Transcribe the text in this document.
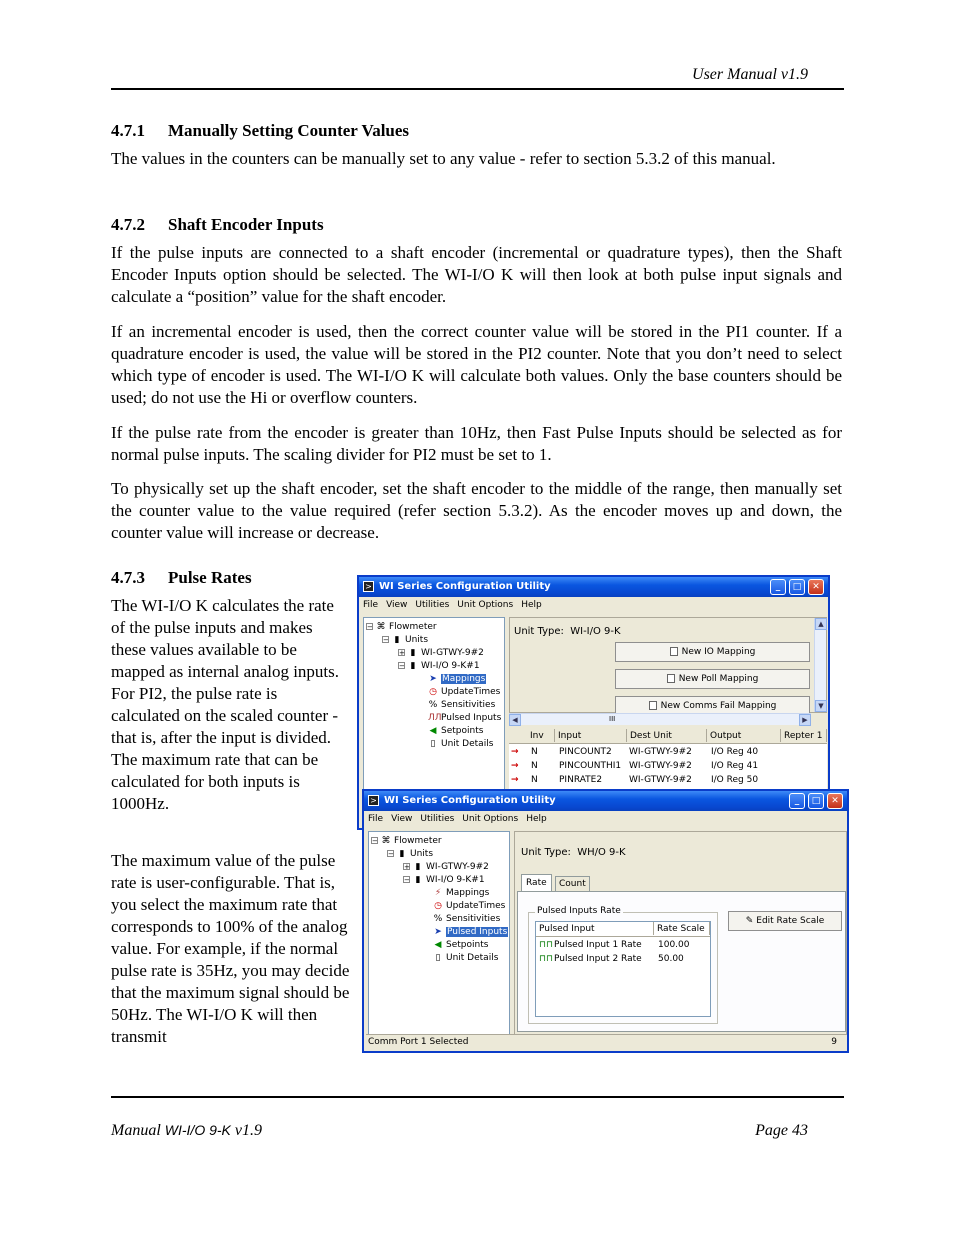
User Manual v1.9
4.7.1 Manually Setting Counter Values
The values in the counters can be manually set to any value - refer to section 5.3.2 of this manual.
4.7.2 Shaft Encoder Inputs
If the pulse inputs are connected to a shaft encoder (incremental or quadrature types), then the Shaft Encoder Inputs option should be selected. The WI-I/O K will then look at both pulse input signals and calculate a “position” value for the shaft encoder.
If an incremental encoder is used, then the correct counter value will be stored in the PI1 counter. If a quadrature encoder is used, the value will be stored in the PI2 counter. Note that you don’t need to select which type of encoder is used. The WI-I/O K will calculate both values. Only the base counters should be used; do not use the Hi or overflow counters.
If the pulse rate from the encoder is greater than 10Hz, then Fast Pulse Inputs should be selected as for normal pulse inputs. The scaling divider for PI2 must be set to 1.
To physically set up the shaft encoder, set the shaft encoder to the middle of the range, then manually set the counter value to the value required (refer section 5.3.2). As the encoder moves up and down, the counter value will increase or decrease.
4.7.3 Pulse Rates
The WI-I/O K calculates the rate of the pulse inputs and makes these values available to be mapped as internal analog inputs. For PI2, the pulse rate is calculated on the scaled counter - that is, after the input is divided. The maximum rate that can be calculated for both inputs is 1000Hz.
The maximum value of the pulse rate is user-configurable. That is, you select the maximum rate that corresponds to 100% of the analog value. For example, if the normal pulse rate is 35Hz, you may decide that the maximum signal should be 50Hz. The WI-I/O K will then transmit
> WI Series Configuration Utility	_	□	✕
File View Utilities Unit Options Help
− ⌘ Flowmeter
− ▮ Units
+ ▮ WI-GTWY-9#2
− ▮ WI-I/O 9-K#1
➤ Mappings
◷ UpdateTimes
% Sensitivities
ЛЛPulsed Inputs
◀ Setpoints
▯ Unit Details
Unit Type: WI-I/O 9-K
New IO Mapping
New Poll Mapping
New Comms Fail Mapping
▲
▼
◀	III	▶
Inv	Input	Dest Unit	Output	Repter 1
→ N PINCOUNT2 WI-GTWY-9#2 I/O Reg 40
→ N PINCOUNTHI1 WI-GTWY-9#2 I/O Reg 41
→ N PINRATE2	WI-GTWY-9#2 I/O Reg 50
> WI Series Configuration Utility	_	□	✕
File View Utilities Unit Options Help
− ⌘ Flowmeter
− ▮ Units
+ ▮ WI-GTWY-9#2
− ▮ WI-I/O 9-K#1
⚡ Mappings
◷ UpdateTimes
% Sensitivities
➤ Pulsed Inputs
◀ Setpoints
▯ Unit Details
Unit Type: WH/O 9-K
Rate	Count
Pulsed Inputs Rate
Pulsed Input	Rate Scale
⊓⊓ Pulsed Input 1 Rate 100.00
⊓⊓ Pulsed Input 2 Rate 50.00
✎ Edit Rate Scale
Comm Port 1 Selected	9
Manual WI-I/O 9-K v1.9	Page 43
